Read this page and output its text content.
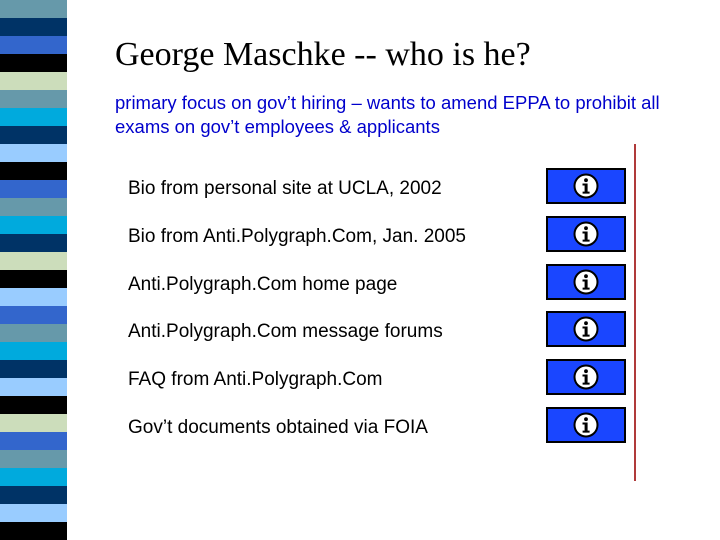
George Maschke -- who is he?
primary focus on gov’t hiring – wants to amend EPPA to prohibit all exams on gov’t employees & applicants
Bio from personal site at UCLA, 2002
Bio from Anti.Polygraph.Com, Jan. 2005
Anti.Polygraph.Com home page
Anti.Polygraph.Com message forums
FAQ from Anti.Polygraph.Com
Gov’t documents obtained via FOIA
